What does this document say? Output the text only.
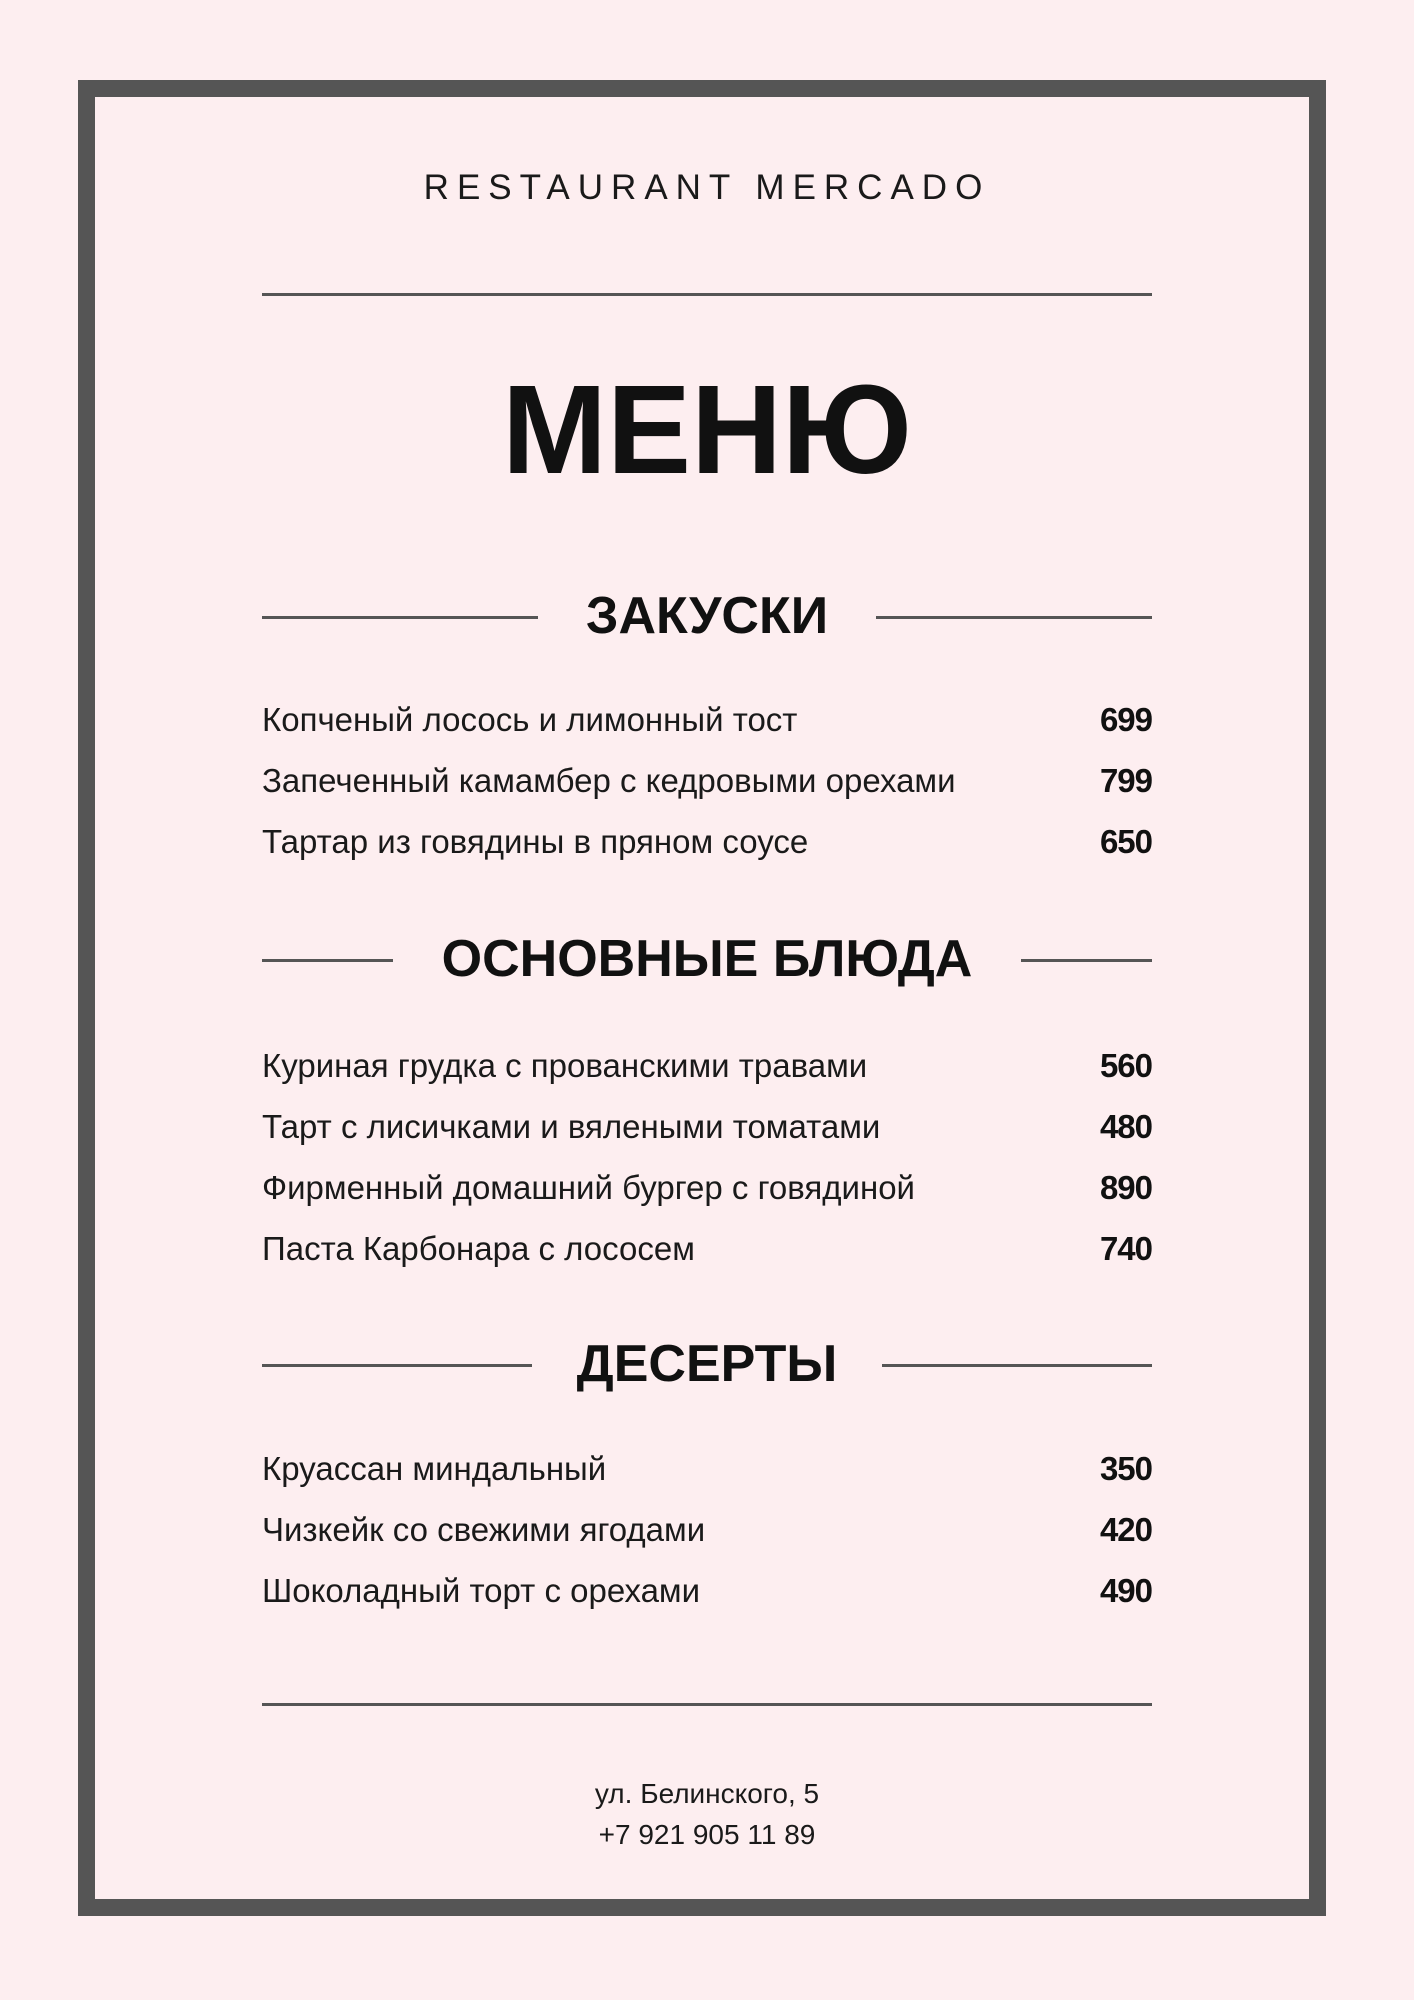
RESTAURANT MERCADO
МЕНЮ
ЗАКУСКИ
Копченый лосось и лимонный тост	699
Запеченный камамбер с кедровыми орехами	799
Тартар из говядины в пряном соусе	650
ОСНОВНЫЕ БЛЮДА
Куриная грудка с прованскими травами	560
Тарт с лисичками и вялеными томатами	480
Фирменный домашний бургер с говядиной	890
Паста Карбонара с лососем	740
ДЕСЕРТЫ
Круассан миндальный	350
Чизкейк со свежими ягодами	420
Шоколадный торт с орехами	490
ул. Белинского, 5
+7 921 905 11 89
